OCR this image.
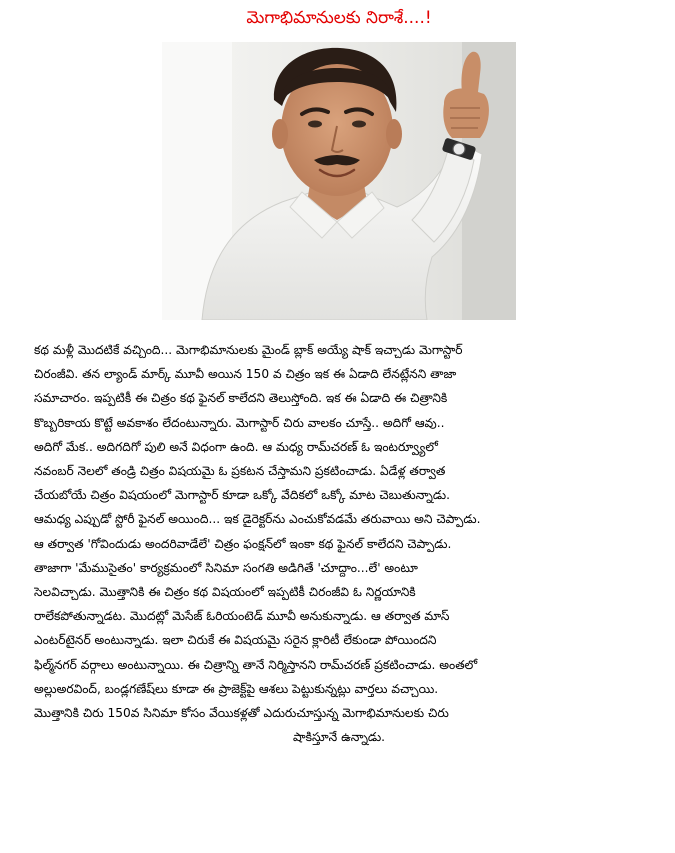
మెగాభిమానులకు నిరాశే....!
కథ మళ్లీ మొదటికే వచ్చింది... మెగాభిమానులకు మైండ్ బ్లాక్ అయ్యే షాక్ ఇచ్చాడు మెగాస్టార్
చిరంజీవి. తన ల్యాండ్ మార్క్ మూవీ అయిన 150 వ చిత్రం ఇక ఈ ఏడాది లేనట్లేనని తాజా
సమాచారం. ఇప్పటికీ ఈ చిత్రం కథ ఫైనల్ కాలేదని తెలుస్తోంది. ఇక ఈ ఏడాది ఈ చిత్రానికి
కొబ్బరికాయ కొట్టే అవకాశం లేదంటున్నారు. మెగాస్టార్ చిరు వాలకం చూస్తే.. అదిగో ఆవు..
అదిగో మేక.. అదిగదిగో పులి అనే విధంగా ఉంది. ఆ మధ్య రామ్‌చరణ్ ఓ ఇంటర్వ్యూలో
నవంబర్ నెలలో తండ్రి చిత్రం విషయమై ఓ ప్రకటన చేస్తామని ప్రకటించాడు. ఏడేళ్ల తర్వాత
చేయబోయే చిత్రం విషయంలో మెగాస్టార్ కూడా ఒక్కో వేదికలో ఒక్కో మాట చెబుతున్నాడు.
ఆమధ్య ఎప్పుడో స్టోరీ ఫైనల్ అయింది... ఇక డైరెక్టర్‌ను ఎంచుకోవడమే తరువాయి అని చెప్పాడు.
ఆ తర్వాత 'గోవిందుడు అందరివాడేలే' చిత్రం ఫంక్షన్‌లో ఇంకా కథ ఫైనల్ కాలేదని చెప్పాడు.
తాజాగా 'మేముసైతం' కార్యక్రమంలో సినిమా సంగతి అడిగితే 'చూద్దాం...లే' అంటూ
సెలవిచ్చాడు. మొత్తానికి ఈ చిత్రం కథ విషయంలో ఇప్పటికీ చిరంజీవి ఓ నిర్ణయానికి
రాలేకపోతున్నాడట. మొదట్లో మెసేజ్ ఓరియంటెడ్ మూవీ అనుకున్నాడు. ఆ తర్వాత మాస్
ఎంటర్‌టైనర్ అంటున్నాడు. ఇలా చిరుకే ఈ విషయమై సరైన క్లారిటీ లేకుండా పోయిందని
ఫిల్మ్‌నగర్ వర్గాలు అంటున్నాయి. ఈ చిత్రాన్ని తానే నిర్మిస్తానని రామ్‌చరణ్ ప్రకటించాడు. అంతలో
అల్లుఅరవింద్, బండ్లగణేష్‌లు కూడా ఈ ప్రాజెక్ట్‌పై ఆశలు పెట్టుకున్నట్లు వార్తలు వచ్చాయి.
మొత్తానికి చిరు 150వ సినిమా కోసం వేయికళ్లతో ఎదురుచూస్తున్న మెగాభిమానులకు చిరు
షాకిస్తూనే ఉన్నాడు.
